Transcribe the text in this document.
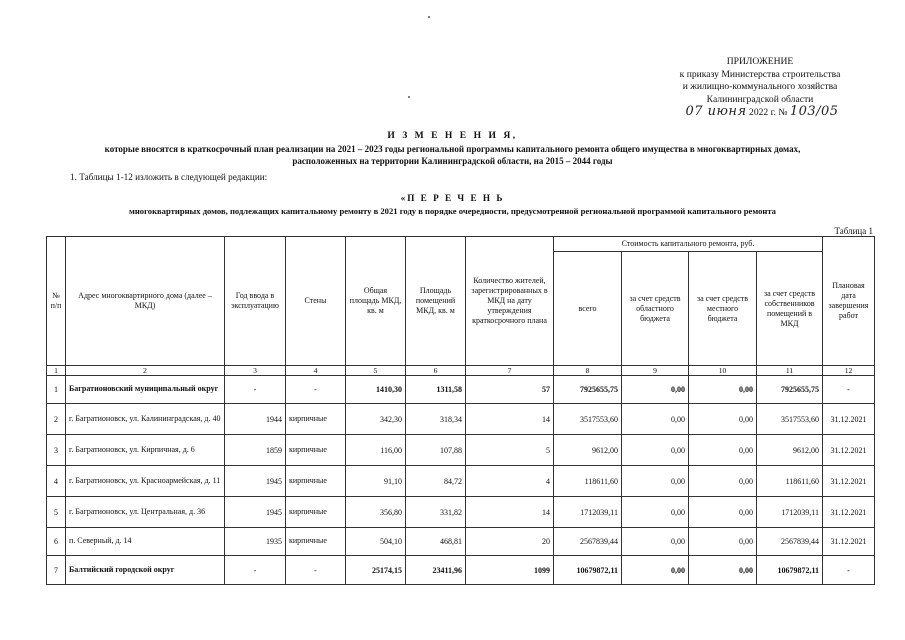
ПРИЛОЖЕНИЕ
к приказу Министерства строительства
и жилищно-коммунального хозяйства
Калининградской области
07 июня 2022 г. № 103/05
И З М Е Н Е Н И Я,
которые вносятся в краткосрочный план реализации на 2021 – 2023 годы региональной программы капитального ремонта общего имущества в многоквартирных домах,
расположенных на территории Калининградской области, на 2015 – 2044 годы
1. Таблицы 1-12 изложить в следующей редакции:
«П Е Р Е Ч Е Н Ь
многоквартирных домов, подлежащих капитальному ремонту в 2021 году в порядке очередности, предусмотренной региональной программой капитального ремонта
Таблица 1
№ п/п	Адрес многоквартирного дома (далее – МКД)	Год ввода в эксплуатацию	Стены	Общая площадь МКД, кв. м	Площадь помещений МКД, кв. м	Количество жителей, зарегистрированных в МКД на дату утверждения краткосрочного плана	Стоимость капитального ремонта, руб.				Плановая дата завершения работ
							всего	за счет средств областного бюджета	за счет средств местного бюджета	за счет средств собственников помещений в МКД	
1	2	3	4	5	6	7	8	9	10	11	12
1	Багратионовский муниципальный округ	-	-	1410,30	1311,58	57	7925655,75	0,00	0,00	7925655,75	-
2	г. Багратионовск, ул. Калининградская, д. 40	1944	кирпичные	342,30	318,34	14	3517553,60	0,00	0,00	3517553,60	31.12.2021
3	г. Багратионовск, ул. Кирпичная, д. 6	1859	кирпичные	116,00	107,88	5	9612,00	0,00	0,00	9612,00	31.12.2021
4	г. Багратионовск, ул. Красноармейская, д. 11	1945	кирпичные	91,10	84,72	4	118611,60	0,00	0,00	118611,60	31.12.2021
5	г. Багратионовск, ул. Центральная, д. 36	1945	кирпичные	356,80	331,82	14	1712039,11	0,00	0,00	1712039,11	31.12.2021
6	п. Северный, д. 14	1935	кирпичные	504,10	468,81	20	2567839,44	0,00	0,00	2567839,44	31.12.2021
7	Балтийский городской округ	-	-	25174,15	23411,96	1099	10679872,11	0,00	0,00	10679872,11	-
